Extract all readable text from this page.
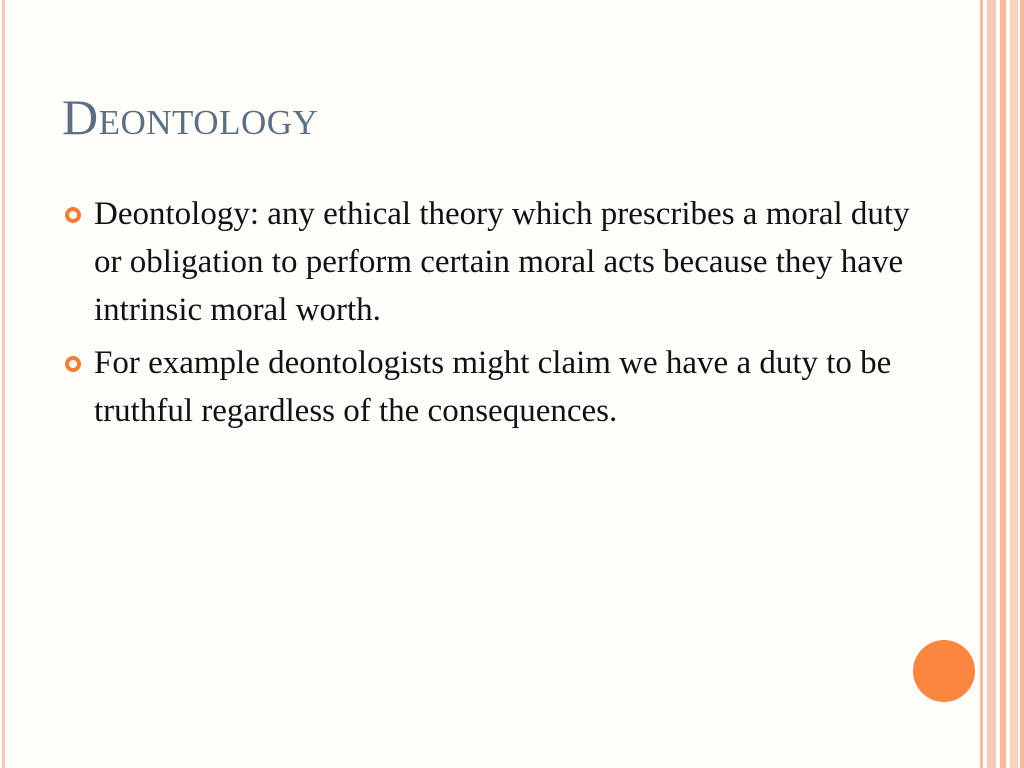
Deontology
Deontology: any ethical theory which prescribes a moral duty or obligation to perform certain moral acts because they have intrinsic moral worth.
For example deontologists might claim we have a duty to be truthful regardless of the consequences.
